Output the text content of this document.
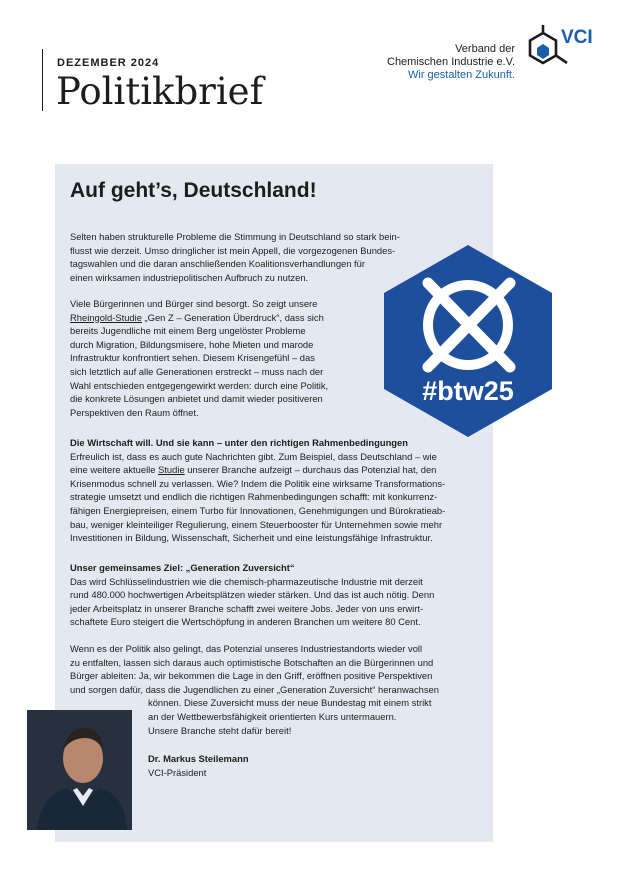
DEZEMBER 2024
Politikbrief
Verband der
Chemischen Industrie e.V.
Wir gestalten Zukunft.
VCI
Auf geht’s, Deutschland!
Selten haben strukturelle Probleme die Stimmung in Deutschland so stark bein-
flusst wie derzeit. Umso dringlicher ist mein Appell, die vorgezogenen Bundes-
tagswahlen und die daran anschließenden Koalitionsverhandlungen für
einen wirksamen industriepolitischen Aufbruch zu nutzen.
Viele Bürgerinnen und Bürger sind besorgt. So zeigt unsere
Rheingold-Studie „Gen Z – Generation Überdruck“, dass sich
bereits Jugendliche mit einem Berg ungelöster Probleme
durch Migration, Bildungsmisere, hohe Mieten und marode
Infrastruktur konfrontiert sehen. Diesem Krisengefühl – das
sich letztlich auf alle Generationen erstreckt – muss nach der
Wahl entschieden entgegengewirkt werden: durch eine Politik,
die konkrete Lösungen anbietet und damit wieder positiveren
Perspektiven den Raum öffnet.
Die Wirtschaft will. Und sie kann – unter den richtigen Rahmenbedingungen
Erfreulich ist, dass es auch gute Nachrichten gibt. Zum Beispiel, dass Deutschland – wie
eine weitere aktuelle Studie unserer Branche aufzeigt – durchaus das Potenzial hat, den
Krisenmodus schnell zu verlassen. Wie? Indem die Politik eine wirksame Transformations-
strategie umsetzt und endlich die richtigen Rahmenbedingungen schafft: mit konkurrenz-
fähigen Energiepreisen, einem Turbo für Innovationen, Genehmigungen und Bürokratieab-
bau, weniger kleinteiliger Regulierung, einem Steuerbooster für Unternehmen sowie mehr
Investitionen in Bildung, Wissenschaft, Sicherheit und eine leistungsfähige Infrastruktur.
Unser gemeinsames Ziel: „Generation Zuversicht“
Das wird Schlüsselindustrien wie die chemisch-pharmazeutische Industrie mit derzeit
rund 480.000 hochwertigen Arbeitsplätzen wieder stärken. Und das ist auch nötig. Denn
jeder Arbeitsplatz in unserer Branche schafft zwei weitere Jobs. Jeder von uns erwirt-
schaftete Euro steigert die Wertschöpfung in anderen Branchen um weitere 80 Cent.
Wenn es der Politik also gelingt, das Potenzial unseres Industriestandorts wieder voll
zu entfalten, lassen sich daraus auch optimistische Botschaften an die Bürgerinnen und
Bürger ableiten: Ja, wir bekommen die Lage in den Griff, eröffnen positive Perspektiven
und sorgen dafür, dass die Jugendlichen zu einer „Generation Zuversicht“ heranwachsen
können. Diese Zuversicht muss der neue Bundestag mit einem strikt
an der Wettbewerbsfähigkeit orientierten Kurs untermauern.
Unsere Branche steht dafür bereit!
Dr. Markus Steilemann
VCI-Präsident
#btw25
